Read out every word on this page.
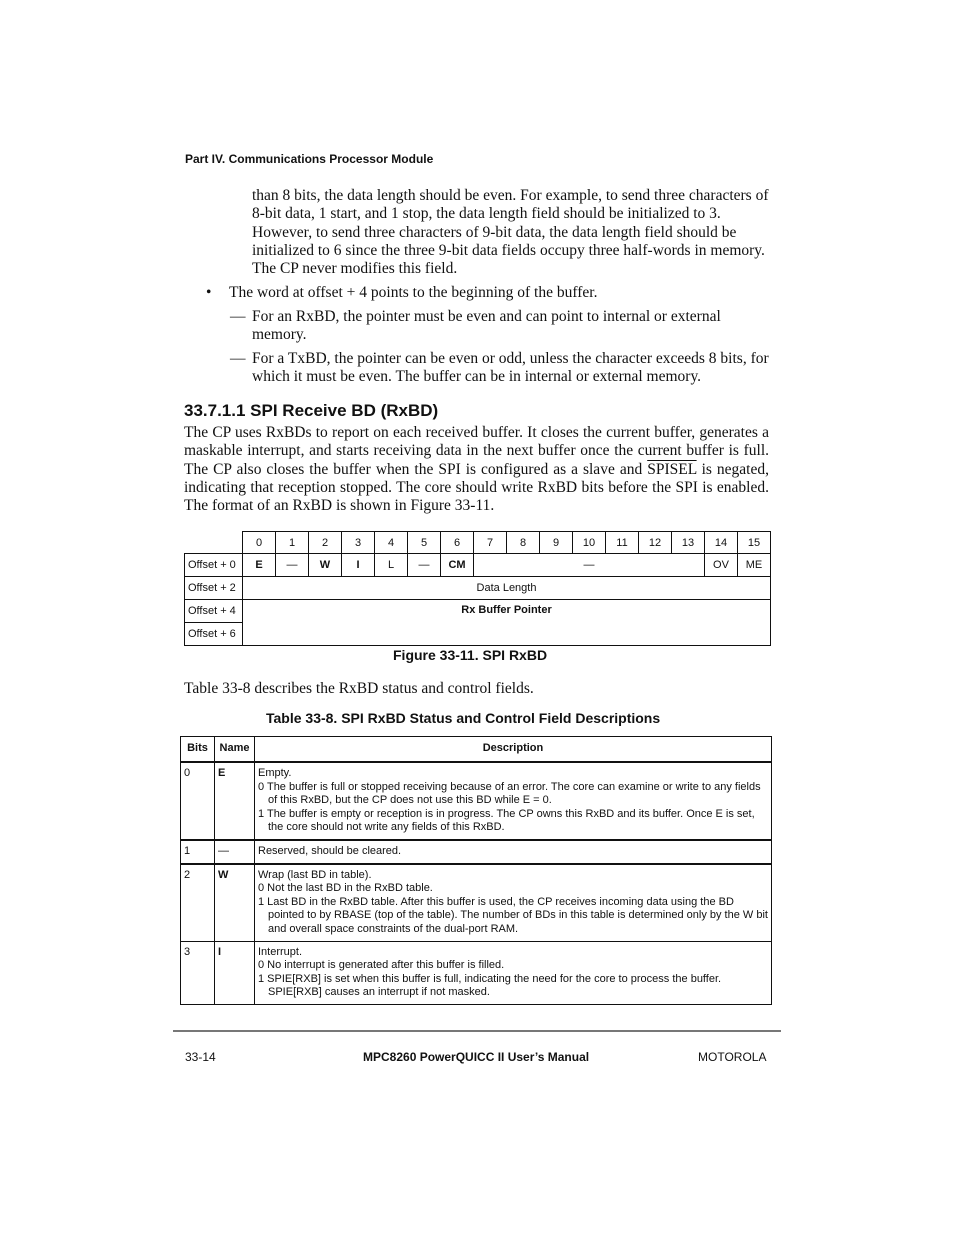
Part IV. Communications Processor Module
than 8 bits, the data length should be even. For example, to send three characters of 8-bit data, 1 start, and 1 stop, the data length field should be initialized to 3. However, to send three characters of 9-bit data, the data length field should be initialized to 6 since the three 9-bit data fields occupy three half-words in memory. The CP never modifies this field.
• The word at offset + 4 points to the beginning of the buffer.
— For an RxBD, the pointer must be even and can point to internal or external memory.
— For a TxBD, the pointer can be even or odd, unless the character exceeds 8 bits, for which it must be even. The buffer can be in internal or external memory.
33.7.1.1 SPI Receive BD (RxBD)
The CP uses RxBDs to report on each received buffer. It closes the current buffer, generates a maskable interrupt, and starts receiving data in the next buffer once the current buffer is full. The CP also closes the buffer when the SPI is configured as a slave and SPISEL is negated, indicating that reception stopped. The core should write RxBD bits before the SPI is enabled. The format of an RxBD is shown in Figure 33-11.
	0	1	2	3	4	5	6	7	8	9	10	11	12	13	14	15
Offset + 0	E	—	W	I	L	—	CM	—							OV	ME
Offset + 2	Data Length															
Offset + 4	Rx Buffer Pointer															
Offset + 6																
Figure 33-11. SPI RxBD
Table 33-8 describes the RxBD status and control fields.
Table 33-8. SPI RxBD Status and Control Field Descriptions
Bits	Name	Description
0	E	Empty.
0 The buffer is full or stopped receiving because of an error. The core can examine or write to any fields of this RxBD, but the CP does not use this BD while E = 0.
1 The buffer is empty or reception is in progress. The CP owns this RxBD and its buffer. Once E is set, the core should not write any fields of this RxBD.

1	—	Reserved, should be cleared.

2	W	Wrap (last BD in table).
0 Not the last BD in the RxBD table.
1 Last BD in the RxBD table. After this buffer is used, the CP receives incoming data using the BD pointed to by RBASE (top of the table). The number of BDs in this table is determined only by the W bit and overall space constraints of the dual-port RAM.

3	I	Interrupt.
0 No interrupt is generated after this buffer is filled.
1 SPIE[RXB] is set when this buffer is full, indicating the need for the core to process the buffer. SPIE[RXB] causes an interrupt if not masked.
33-14	MPC8260 PowerQUICC II User’s Manual	MOTOROLA
